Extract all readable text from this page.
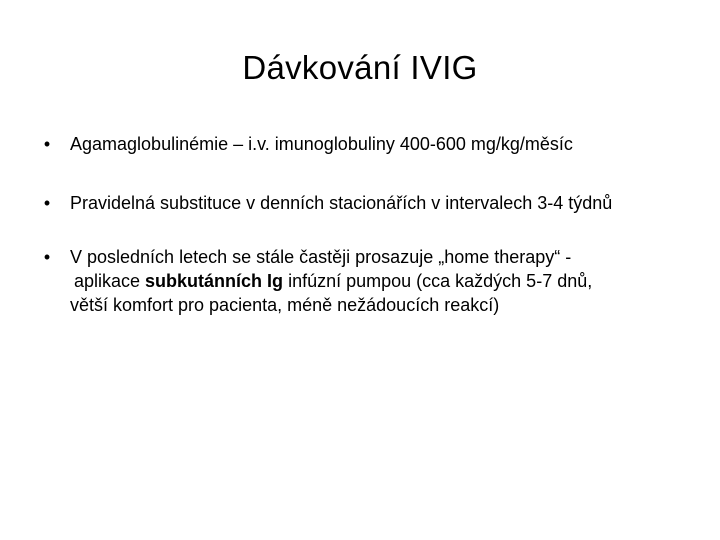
Dávkování IVIG
• Agamaglobulinémie – i.v. imunoglobuliny 400-600 mg/kg/měsíc
• Pravidelná substituce v denních stacionářích v intervalech 3-4 týdnů
• V posledních letech se stále častěji prosazuje „home therapy“ -
aplikace subkutánních Ig infúzní pumpou (cca každých 5-7 dnů,
větší komfort pro pacienta, méně nežádoucích reakcí)
